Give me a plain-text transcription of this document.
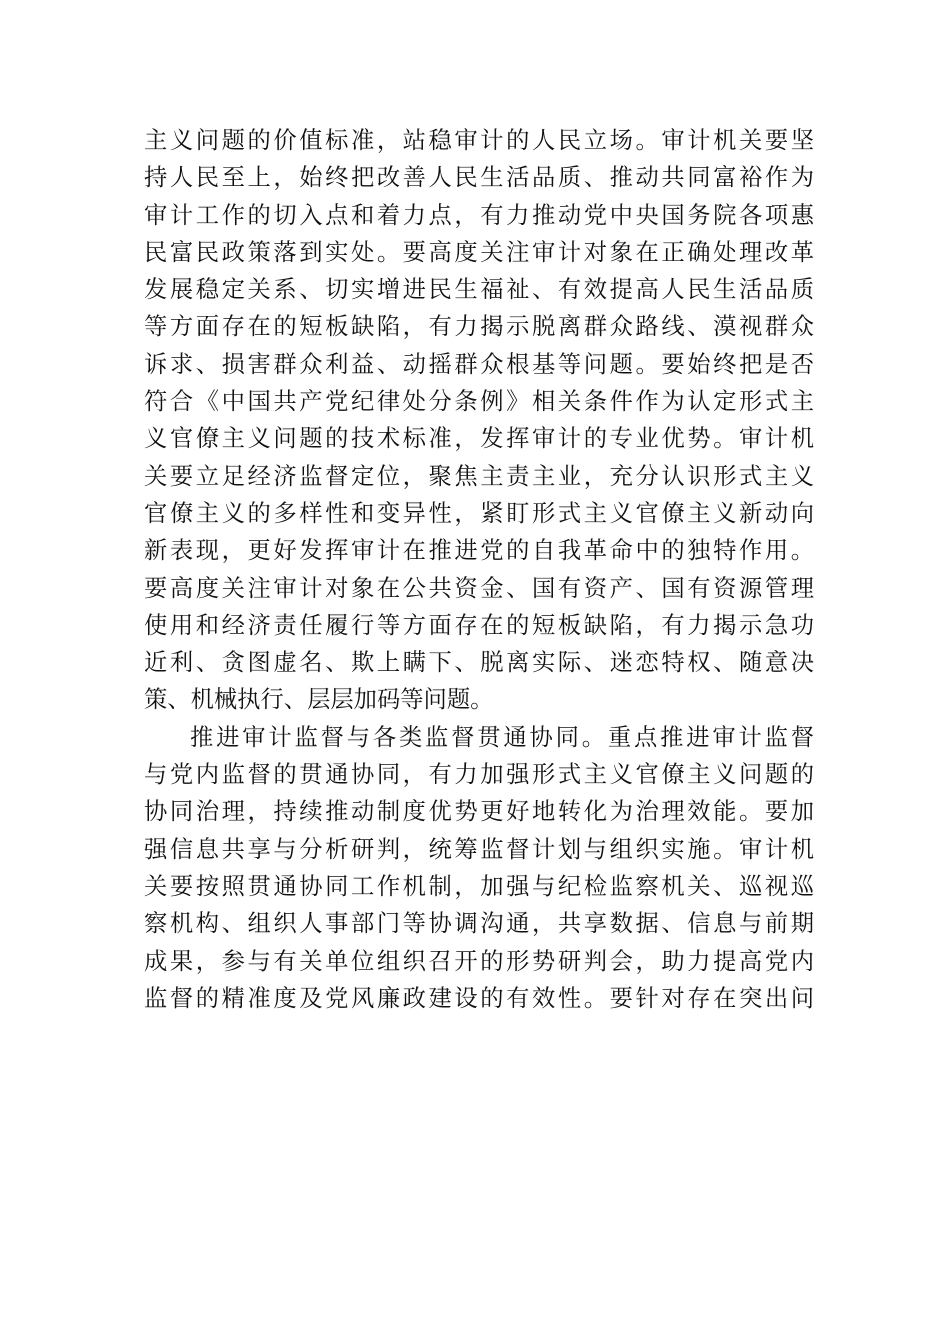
主义问题的价值标准，站稳审计的人民立场。审计机关要坚
持人民至上，始终把改善人民生活品质、推动共同富裕作为
审计工作的切入点和着力点，有力推动党中央国务院各项惠
民富民政策落到实处。要高度关注审计对象在正确处理改革
发展稳定关系、切实增进民生福祉、有效提高人民生活品质
等方面存在的短板缺陷，有力揭示脱离群众路线、漠视群众
诉求、损害群众利益、动摇群众根基等问题。要始终把是否
符合《中国共产党纪律处分条例》相关条件作为认定形式主
义官僚主义问题的技术标准，发挥审计的专业优势。审计机
关要立足经济监督定位，聚焦主责主业，充分认识形式主义
官僚主义的多样性和变异性，紧盯形式主义官僚主义新动向
新表现，更好发挥审计在推进党的自我革命中的独特作用。
要高度关注审计对象在公共资金、国有资产、国有资源管理
使用和经济责任履行等方面存在的短板缺陷，有力揭示急功
近利、贪图虚名、欺上瞒下、脱离实际、迷恋特权、随意决
策、机械执行、层层加码等问题。
推进审计监督与各类监督贯通协同。重点推进审计监督
与党内监督的贯通协同，有力加强形式主义官僚主义问题的
协同治理，持续推动制度优势更好地转化为治理效能。要加
强信息共享与分析研判，统筹监督计划与组织实施。审计机
关要按照贯通协同工作机制，加强与纪检监察机关、巡视巡
察机构、组织人事部门等协调沟通，共享数据、信息与前期
成果，参与有关单位组织召开的形势研判会，助力提高党内
监督的精准度及党风廉政建设的有效性。要针对存在突出问
